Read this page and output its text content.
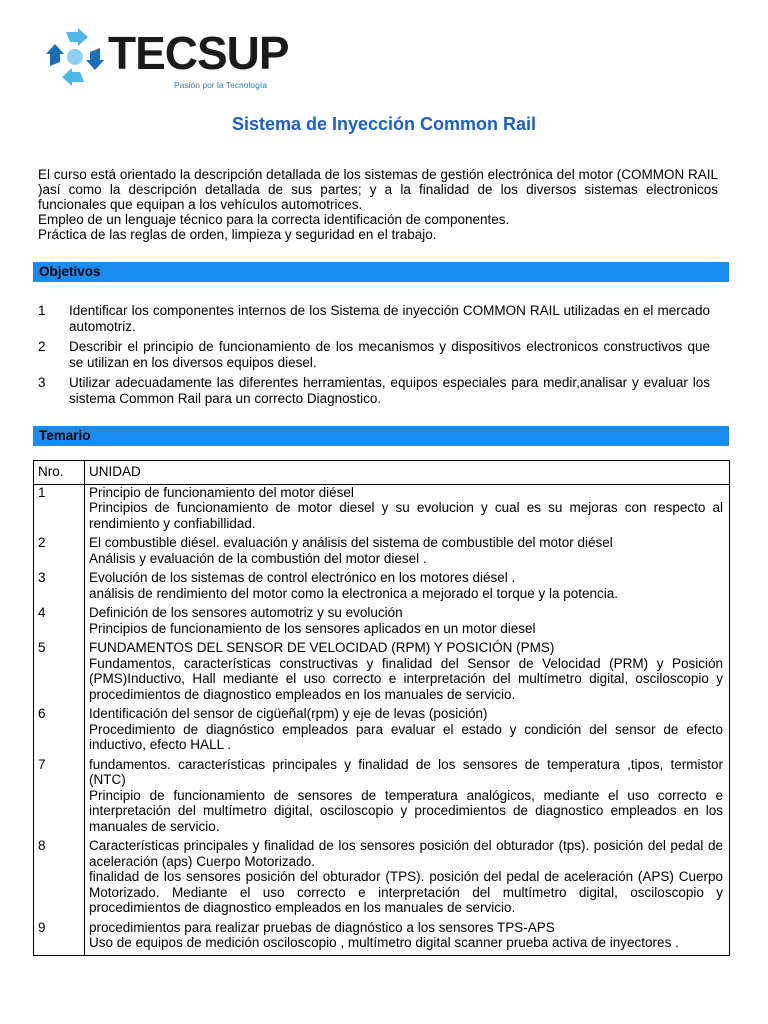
TECSUP
Pasión por la Tecnología
Sistema de Inyección Common Rail

El curso está orientado la descripción detallada de los sistemas de gestión electrónica del motor (COMMON RAIL )así como la descripción detallada de sus partes; y a la finalidad de los diversos sistemas electronicos funcionales que equipan a los vehículos automotrices.

Empleo de un lenguaje técnico para la correcta identificación de componentes.

Práctica de las reglas de orden, limpieza y seguridad en el trabajo.

Objetivos
1	Identificar los componentes internos de los Sistema de inyección COMMON RAIL utilizadas en el mercado automotriz.
2	Describir el principio de funcionamiento de los mecanismos y dispositivos electronicos constructivos que se utilizan en los diversos equipos diesel.
3	Utilizar adecuadamente las diferentes herramientas, equipos especiales para medir,analisar y evaluar los sistema Common Rail para un correcto Diagnostico.
Temario
Nro.	UNIDAD
1	Principio de funcionamiento del motor diésel
Principios de funcionamiento de motor diesel y su evolucion y cual es su mejoras con respecto al rendimiento y confiabillidad.

2	El combustible diésel. evaluación y análisis del sistema de combustible del motor diésel
Análisis y evaluación de la combustión del motor diesel .

3	Evolución de los sistemas de control electrónico en los motores diésel .
análisis de rendimiento del motor como la electronica a mejorado el torque y la potencia.

4	Definición de los sensores automotriz y su evolución
Principios de funcionamiento de los sensores aplicados en un motor diesel

5	FUNDAMENTOS DEL SENSOR DE VELOCIDAD (RPM) Y POSICIÓN (PMS)
Fundamentos, características constructivas y finalidad del Sensor de Velocidad (PRM) y Posición (PMS)Inductivo, Hall mediante el uso correcto e interpretación del multímetro digital, osciloscopio y procedimientos de diagnostico empleados en los manuales de servicio.

6	Identificación del sensor de cigüeñal(rpm) y eje de levas (posición)
Procedimiento de diagnóstico empleados para evaluar el estado y condición del sensor de efecto inductivo, efecto HALL .

7	fundamentos. características principales y finalidad de los sensores de temperatura ,tipos, termistor (NTC)
Principio de funcionamiento de sensores de temperatura analógicos, mediante el uso correcto e interpretación del multímetro digital, osciloscopio y procedimientos de diagnostico empleados en los manuales de servicio.

8	Características principales y finalidad de los sensores posición del obturador (tps). posición del pedal de aceleración (aps) Cuerpo Motorizado.
finalidad de los sensores posición del obturador (TPS). posición del pedal de aceleración (APS) Cuerpo Motorizado. Mediante el uso correcto e interpretación del multímetro digital, osciloscopio y procedimientos de diagnostico empleados en los manuales de servicio.

9	procedimientos para realizar pruebas de diagnóstico a los sensores TPS-APS
Uso de equipos de medición osciloscopio , multímetro digital scanner prueba activa de inyectores .
